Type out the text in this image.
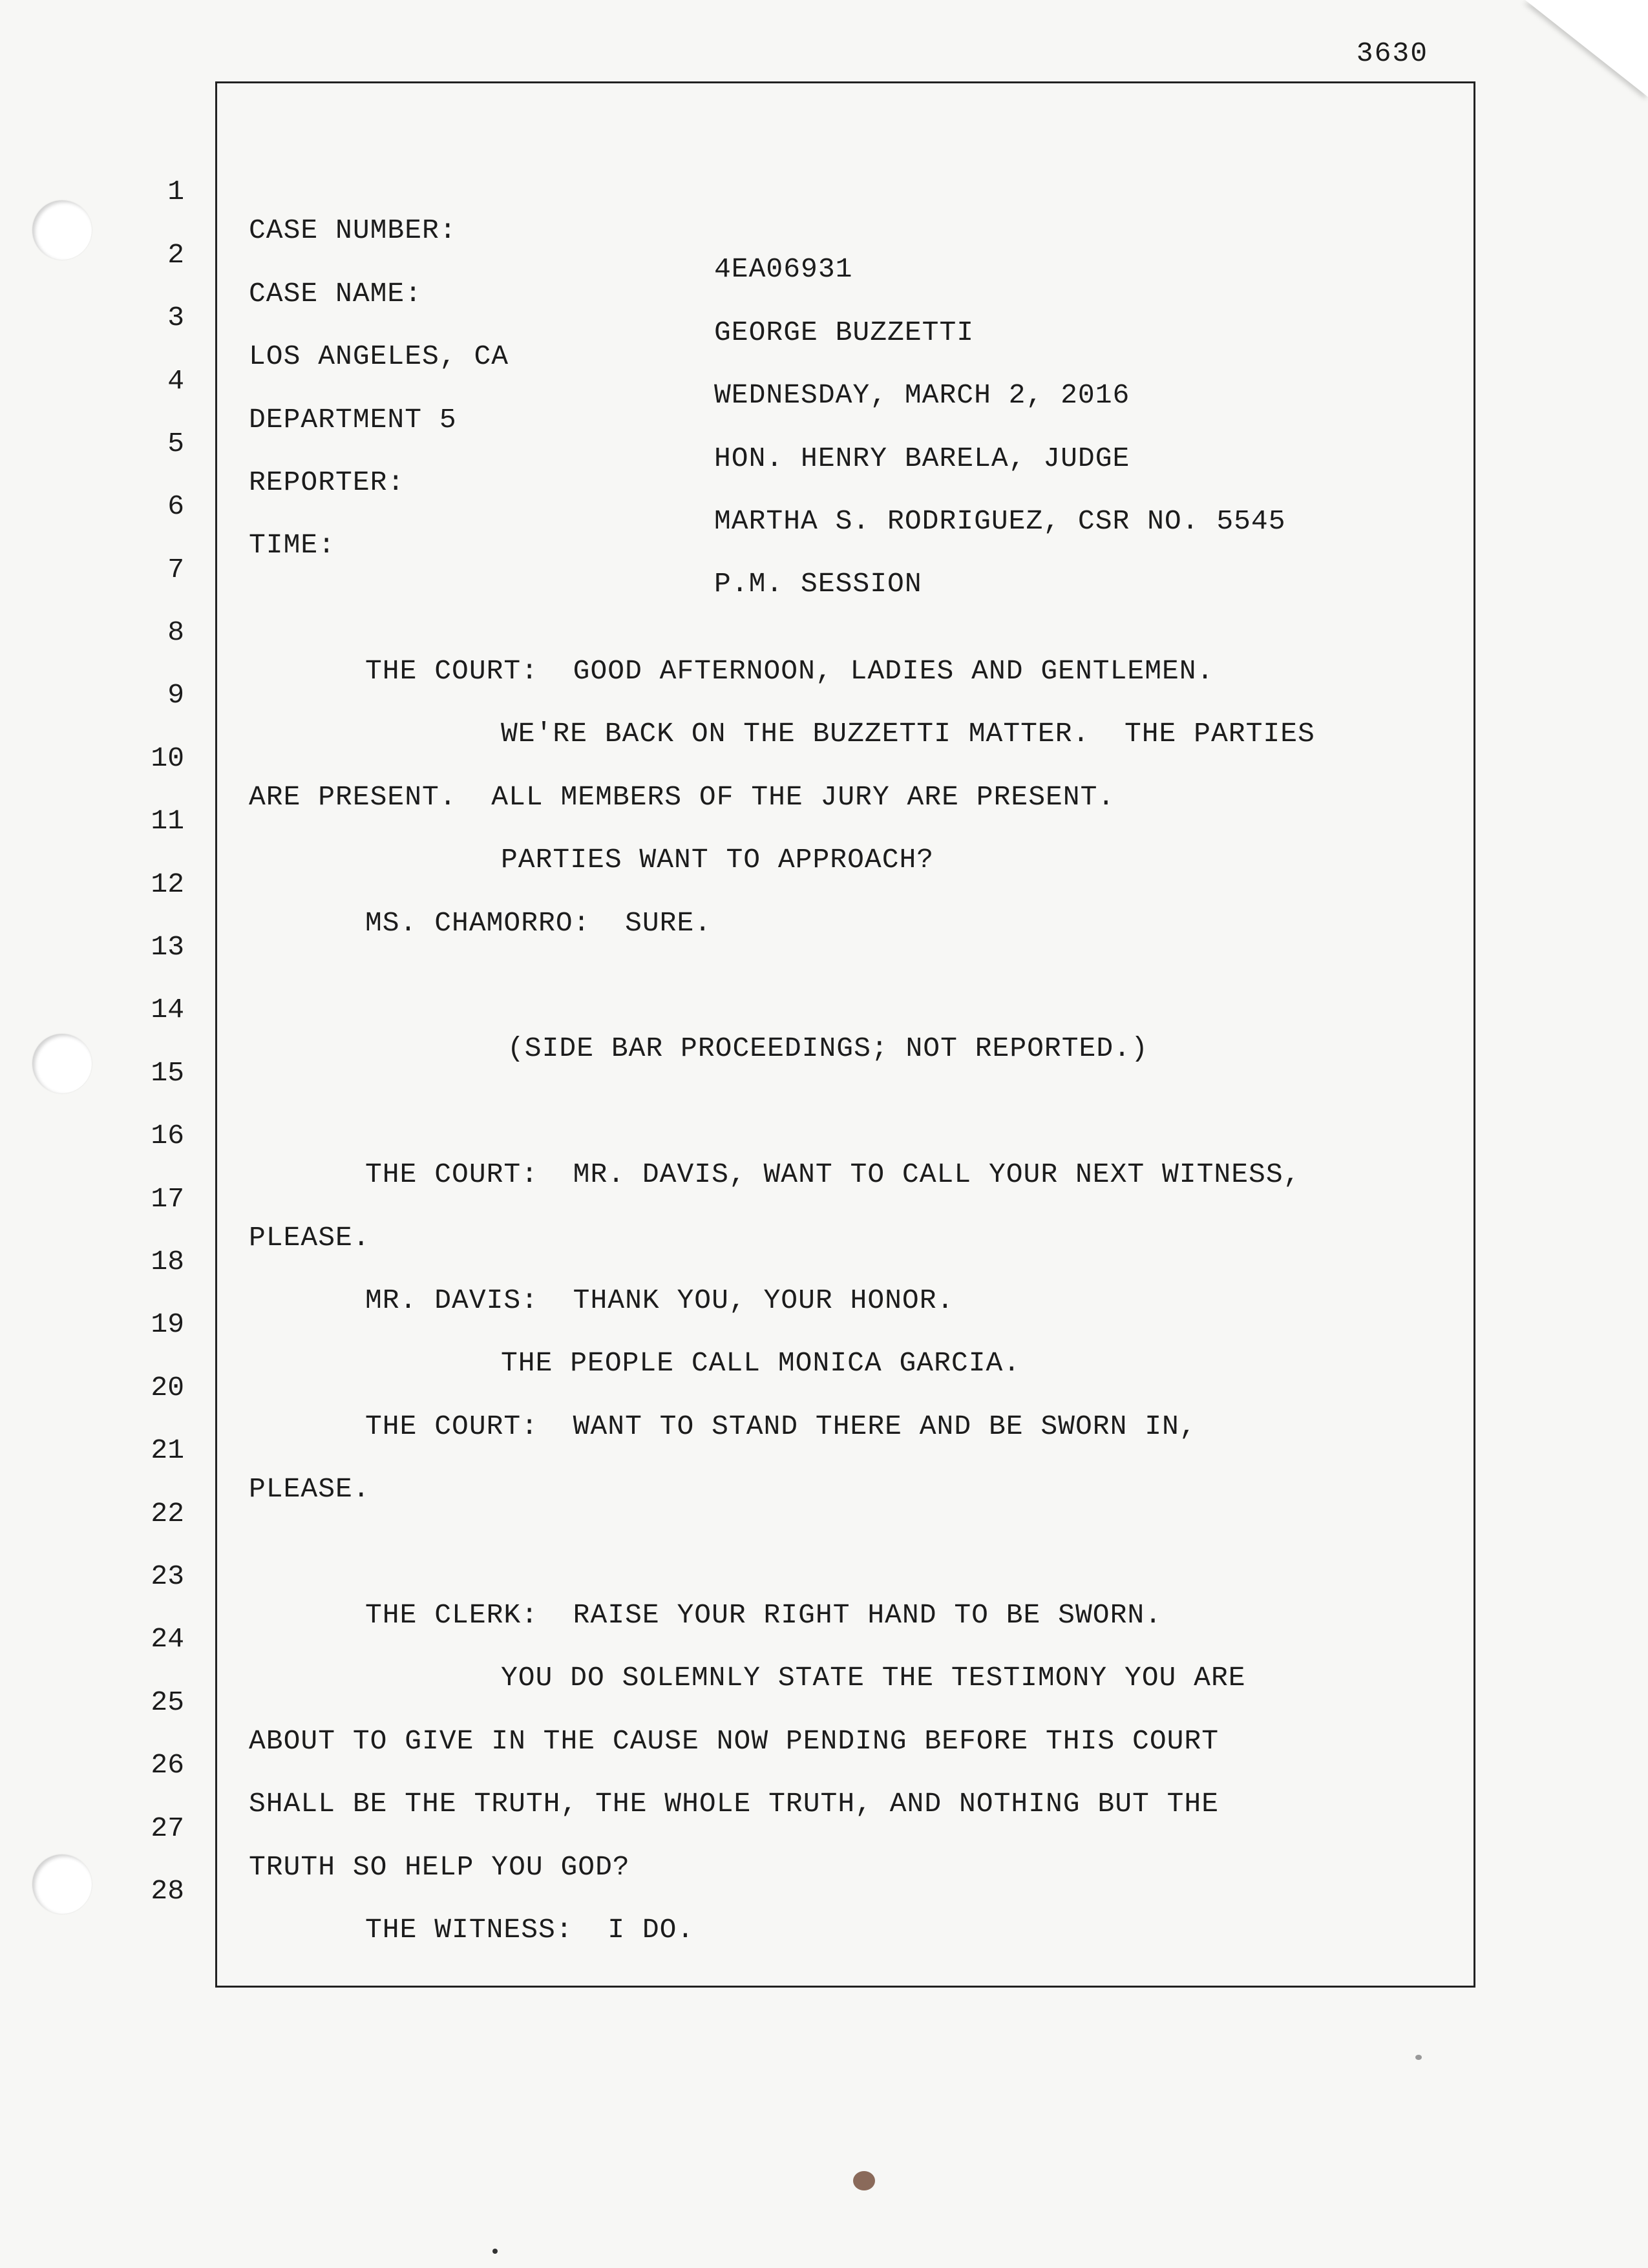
3630

1

CASE NUMBER:

4EA06931

2

CASE NAME:

GEORGE BUZZETTI

3

LOS ANGELES, CA

WEDNESDAY, MARCH 2, 2016

4

DEPARTMENT 5

HON. HENRY BARELA, JUDGE

5

REPORTER:

MARTHA S. RODRIGUEZ, CSR NO. 5545

6

TIME:

P.M. SESSION

7

8

THE COURT:  GOOD AFTERNOON, LADIES AND GENTLEMEN.

9

WE'RE BACK ON THE BUZZETTI MATTER.  THE PARTIES

10

ARE PRESENT.  ALL MEMBERS OF THE JURY ARE PRESENT.

11

PARTIES WANT TO APPROACH?

12

MS. CHAMORRO:  SURE.

13

14

(SIDE BAR PROCEEDINGS; NOT REPORTED.)

15

16

THE COURT:  MR. DAVIS, WANT TO CALL YOUR NEXT WITNESS,

17

PLEASE.

18

MR. DAVIS:  THANK YOU, YOUR HONOR.

19

THE PEOPLE CALL MONICA GARCIA.

20

THE COURT:  WANT TO STAND THERE AND BE SWORN IN,

21

PLEASE.

22

23

THE CLERK:  RAISE YOUR RIGHT HAND TO BE SWORN.

24

YOU DO SOLEMNLY STATE THE TESTIMONY YOU ARE

25

ABOUT TO GIVE IN THE CAUSE NOW PENDING BEFORE THIS COURT

26

SHALL BE THE TRUTH, THE WHOLE TRUTH, AND NOTHING BUT THE

27

TRUTH SO HELP YOU GOD?

28

THE WITNESS:  I DO.
